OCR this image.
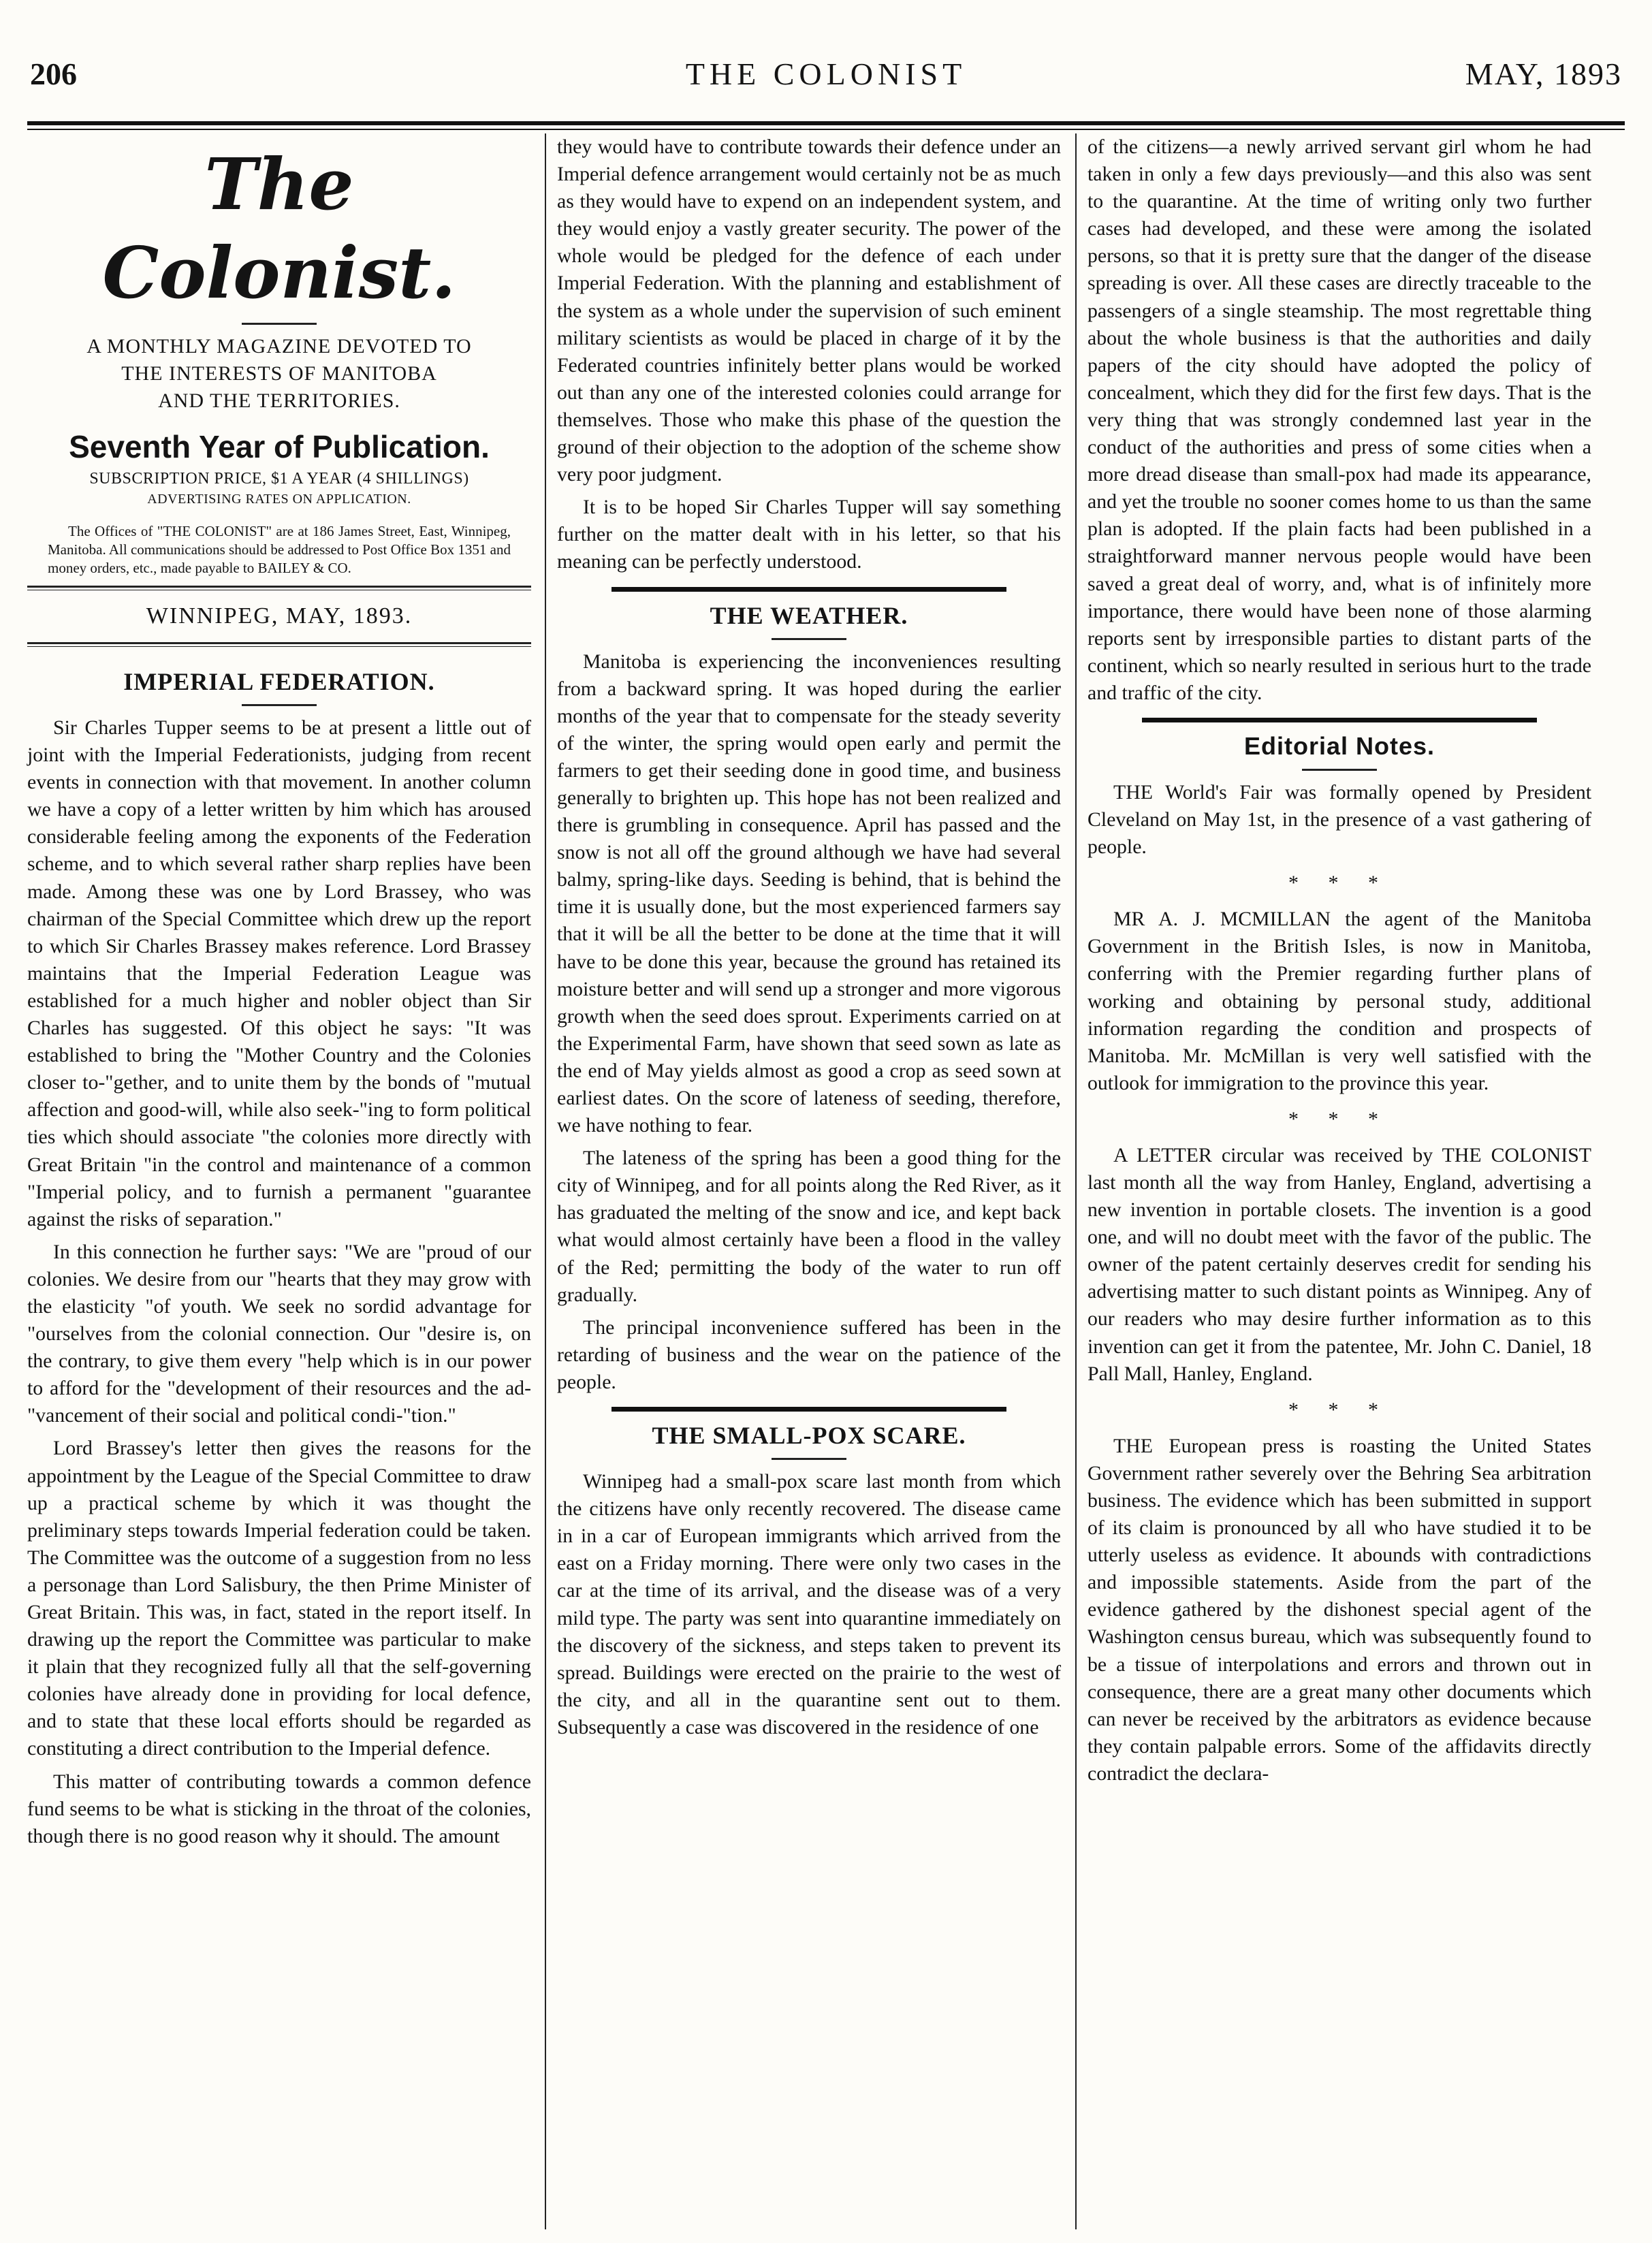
206	THE COLONIST	MAY, 1893
The Colonist.
A MONTHLY MAGAZINE DEVOTED TO
THE INTERESTS OF MANITOBA
AND THE TERRITORIES.
Seventh Year of Publication.
SUBSCRIPTION PRICE, $1 A YEAR (4 SHILLINGS)
ADVERTISING RATES ON APPLICATION.
The Offices of "THE COLONIST" are at 186 James Street, East, Winnipeg, Manitoba. All communications should be addressed to Post Office Box 1351 and money orders, etc., made payable to BAILEY & CO.
WINNIPEG, MAY, 1893.
IMPERIAL FEDERATION.

Sir Charles Tupper seems to be at present a little out of joint with the Imperial Federationists, judging from recent events in connection with that movement. In another column we have a copy of a letter written by him which has aroused considerable feeling among the exponents of the Federation scheme, and to which several rather sharp replies have been made. Among these was one by Lord Brassey, who was chairman of the Special Committee which drew up the report to which Sir Charles Brassey makes reference. Lord Brassey maintains that the Imperial Federation League was established for a much higher and nobler object than Sir Charles has suggested. Of this object he says: "It was established to bring the "Mother Country and the Colonies closer to-"gether, and to unite them by the bonds of "mutual affection and good-will, while also seek-"ing to form political ties which should associate "the colonies more directly with Great Britain "in the control and maintenance of a common "Imperial policy, and to furnish a permanent "guarantee against the risks of separation."

In this connection he further says: "We are "proud of our colonies. We desire from our "hearts that they may grow with the elasticity "of youth. We seek no sordid advantage for "ourselves from the colonial connection. Our "desire is, on the contrary, to give them every "help which is in our power to afford for the "development of their resources and the ad-"vancement of their social and political condi-"tion."

Lord Brassey's letter then gives the reasons for the appointment by the League of the Special Committee to draw up a practical scheme by which it was thought the preliminary steps towards Imperial federation could be taken. The Committee was the outcome of a suggestion from no less a personage than Lord Salisbury, the then Prime Minister of Great Britain. This was, in fact, stated in the report itself. In drawing up the report the Committee was particular to make it plain that they recognized fully all that the self-governing colonies have already done in providing for local defence, and to state that these local efforts should be regarded as constituting a direct contribution to the Imperial defence.

This matter of contributing towards a common defence fund seems to be what is sticking in the throat of the colonies, though there is no good reason why it should. The amount

they would have to contribute towards their defence under an Imperial defence arrangement would certainly not be as much as they would have to expend on an independent system, and they would enjoy a vastly greater security. The power of the whole would be pledged for the defence of each under Imperial Federation. With the planning and establishment of the system as a whole under the supervision of such eminent military scientists as would be placed in charge of it by the Federated countries infinitely better plans would be worked out than any one of the interested colonies could arrange for themselves. Those who make this phase of the question the ground of their objection to the adoption of the scheme show very poor judgment.

It is to be hoped Sir Charles Tupper will say something further on the matter dealt with in his letter, so that his meaning can be perfectly understood.

THE WEATHER.

Manitoba is experiencing the inconveniences resulting from a backward spring. It was hoped during the earlier months of the year that to compensate for the steady severity of the winter, the spring would open early and permit the farmers to get their seeding done in good time, and business generally to brighten up. This hope has not been realized and there is grumbling in consequence. April has passed and the snow is not all off the ground although we have had several balmy, spring-like days. Seeding is behind, that is behind the time it is usually done, but the most experienced farmers say that it will be all the better to be done at the time that it will have to be done this year, because the ground has retained its moisture better and will send up a stronger and more vigorous growth when the seed does sprout. Experiments carried on at the Experimental Farm, have shown that seed sown as late as the end of May yields almost as good a crop as seed sown at earliest dates. On the score of lateness of seeding, therefore, we have nothing to fear.

The lateness of the spring has been a good thing for the city of Winnipeg, and for all points along the Red River, as it has graduated the melting of the snow and ice, and kept back what would almost certainly have been a flood in the valley of the Red; permitting the body of the water to run off gradually.

The principal inconvenience suffered has been in the retarding of business and the wear on the patience of the people.

THE SMALL-POX SCARE.

Winnipeg had a small-pox scare last month from which the citizens have only recently recovered. The disease came in in a car of European immigrants which arrived from the east on a Friday morning. There were only two cases in the car at the time of its arrival, and the disease was of a very mild type. The party was sent into quarantine immediately on the discovery of the sickness, and steps taken to prevent its spread. Buildings were erected on the prairie to the west of the city, and all in the quarantine sent out to them. Subsequently a case was discovered in the residence of one

of the citizens—a newly arrived servant girl whom he had taken in only a few days previously—and this also was sent to the quarantine. At the time of writing only two further cases had developed, and these were among the isolated persons, so that it is pretty sure that the danger of the disease spreading is over. All these cases are directly traceable to the passengers of a single steamship. The most regrettable thing about the whole business is that the authorities and daily papers of the city should have adopted the policy of concealment, which they did for the first few days. That is the very thing that was strongly condemned last year in the conduct of the authorities and press of some cities when a more dread disease than small-pox had made its appearance, and yet the trouble no sooner comes home to us than the same plan is adopted. If the plain facts had been published in a straightforward manner nervous people would have been saved a great deal of worry, and, what is of infinitely more importance, there would have been none of those alarming reports sent by irresponsible parties to distant parts of the continent, which so nearly resulted in serious hurt to the trade and traffic of the city.

Editorial Notes.

THE World's Fair was formally opened by President Cleveland on May 1st, in the presence of a vast gathering of people.

* * *

MR A. J. MCMILLAN the agent of the Manitoba Government in the British Isles, is now in Manitoba, conferring with the Premier regarding further plans of working and obtaining by personal study, additional information regarding the condition and prospects of Manitoba. Mr. McMillan is very well satisfied with the outlook for immigration to the province this year.

* * *

A LETTER circular was received by THE COLONIST last month all the way from Hanley, England, advertising a new invention in portable closets. The invention is a good one, and will no doubt meet with the favor of the public. The owner of the patent certainly deserves credit for sending his advertising matter to such distant points as Winnipeg. Any of our readers who may desire further information as to this invention can get it from the patentee, Mr. John C. Daniel, 18 Pall Mall, Hanley, England.

* * *

THE European press is roasting the United States Government rather severely over the Behring Sea arbitration business. The evidence which has been submitted in support of its claim is pronounced by all who have studied it to be utterly useless as evidence. It abounds with contradictions and impossible statements. Aside from the part of the evidence gathered by the dishonest special agent of the Washington census bureau, which was subsequently found to be a tissue of interpolations and errors and thrown out in consequence, there are a great many other documents which can never be received by the arbitrators as evidence because they contain palpable errors. Some of the affidavits directly contradict the declara-
